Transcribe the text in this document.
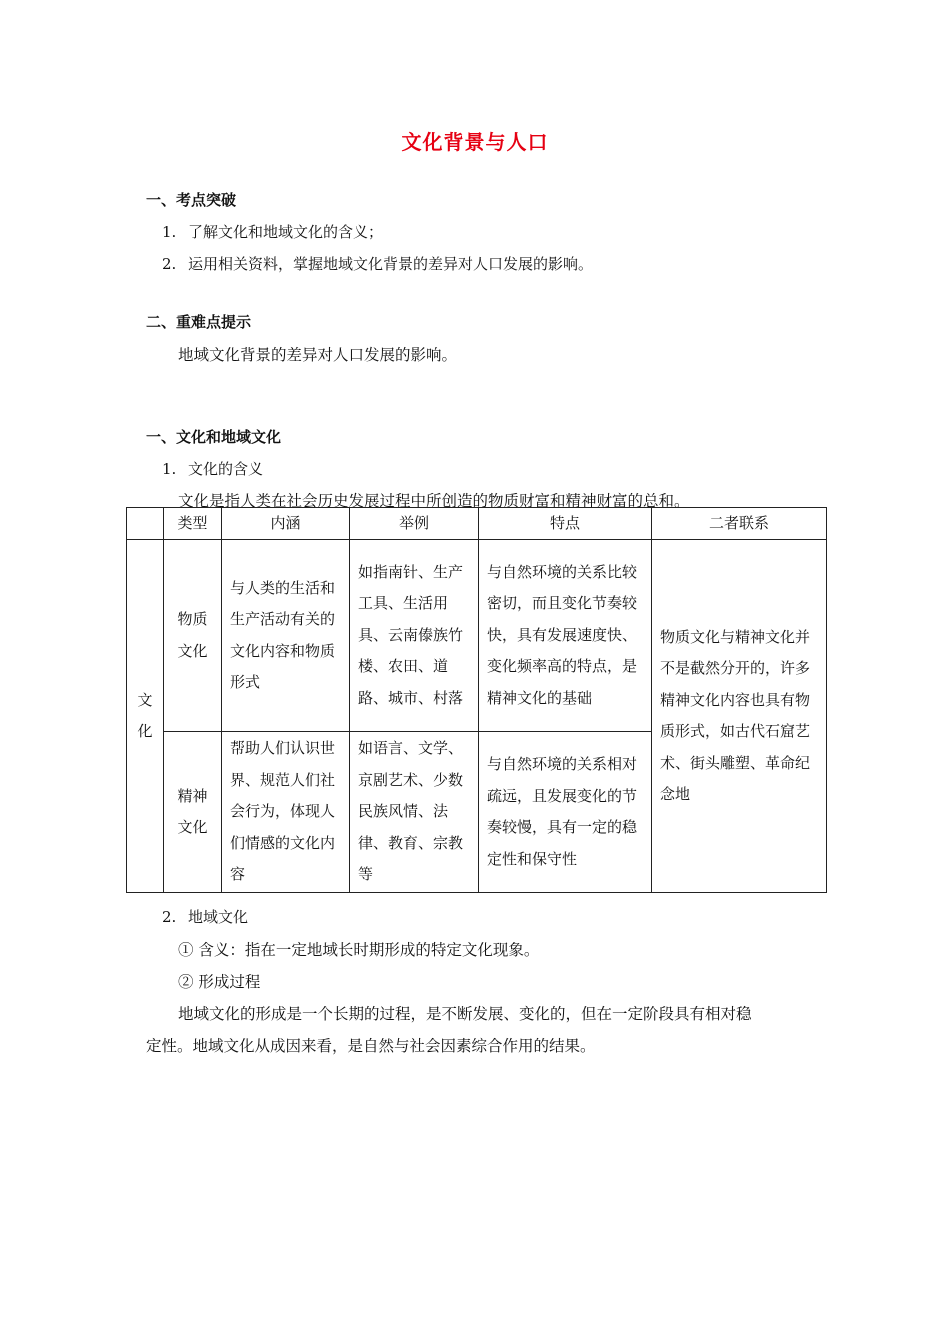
文化背景与人口
一、考点突破
1. 了解文化和地域文化的含义；
2. 运用相关资料，掌握地域文化背景的差异对人口发展的影响。
二、重难点提示
地域文化背景的差异对人口发展的影响。
一、文化和地域文化
1. 文化的含义
文化是指人类在社会历史发展过程中所创造的物质财富和精神财富的总和。
	类型	内涵	举例	特点	二者联系
文化	物质文化	与人类的生活和生产活动有关的文化内容和物质形式	如指南针、生产工具、生活用具、云南傣族竹楼、农田、道路、城市、村落	与自然环境的关系比较密切，而且变化节奏较快，具有发展速度快、变化频率高的特点，是精神文化的基础	物质文化与精神文化并不是截然分开的，许多精神文化内容也具有物质形式，如古代石窟艺术、街头雕塑、革命纪念地
	精神文化	帮助人们认识世界、规范人们社会行为，体现人们情感的文化内容	如语言、文学、京剧艺术、少数民族风情、法律、教育、宗教等	与自然环境的关系相对疏远，且发展变化的节奏较慢，具有一定的稳定性和保守性	
2. 地域文化
① 含义：指在一定地域长时期形成的特定文化现象。
② 形成过程
地域文化的形成是一个长期的过程，是不断发展、变化的，但在一定阶段具有相对稳
定性。地域文化从成因来看，是自然与社会因素综合作用的结果。
